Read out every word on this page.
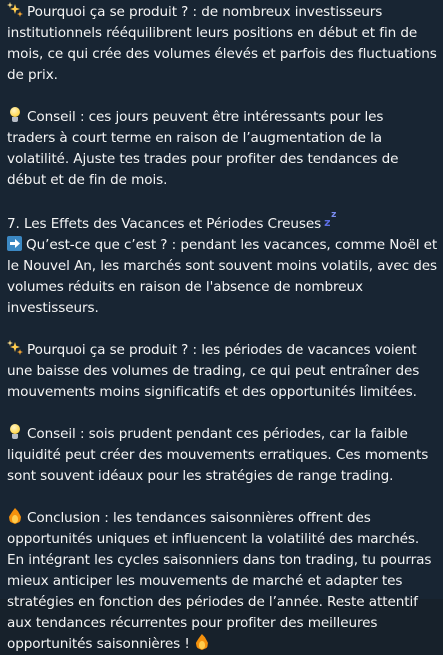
Pourquoi ça se produit ? : de nombreux investisseurs
institutionnels rééquilibrent leurs positions en début et fin de
mois, ce qui crée des volumes élevés et parfois des fluctuations
de prix.
Conseil : ces jours peuvent être intéressants pour les
traders à court terme en raison de l’augmentation de la
volatilité. Ajuste tes trades pour profiter des tendances de
début et de fin de mois.
7. Les Effets des Vacances et Périodes Creuses z
z
Qu’est-ce que c’est ? : pendant les vacances, comme Noël et
le Nouvel An, les marchés sont souvent moins volatils, avec des
volumes réduits en raison de l'absence de nombreux
investisseurs.
Pourquoi ça se produit ? : les périodes de vacances voient
une baisse des volumes de trading, ce qui peut entraîner des
mouvements moins significatifs et des opportunités limitées.
Conseil : sois prudent pendant ces périodes, car la faible
liquidité peut créer des mouvements erratiques. Ces moments
sont souvent idéaux pour les stratégies de range trading.
Conclusion : les tendances saisonnières offrent des
opportunités uniques et influencent la volatilité des marchés.
En intégrant les cycles saisonniers dans ton trading, tu pourras
mieux anticiper les mouvements de marché et adapter tes
stratégies en fonction des périodes de l’année. Reste attentif
aux tendances récurrentes pour profiter des meilleures
opportunités saisonnières !
